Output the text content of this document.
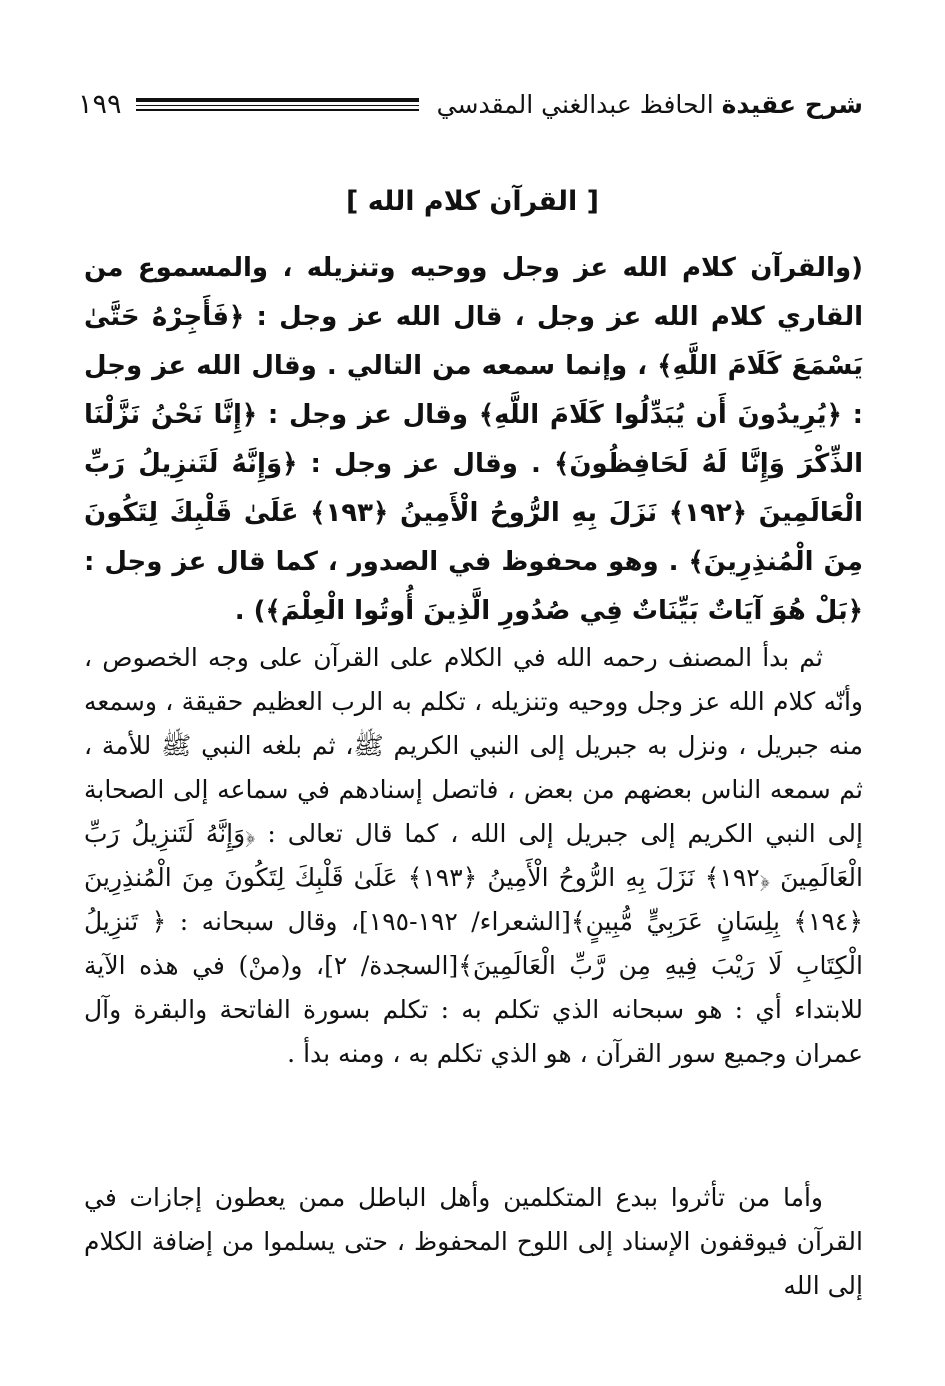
شرح عقيدة الحافظ عبدالغني المقدسي
١٩٩
[ القرآن كلام الله ]
(والقرآن كلام الله عز وجل ووحيه وتنزيله ، والمسموع من القاري كلام الله عز وجل ، قال الله عز وجل : ﴿فَأَجِرْهُ حَتَّىٰ يَسْمَعَ كَلَامَ اللَّهِ﴾ ، وإنما سمعه من التالي . وقال الله عز وجل : ﴿يُرِيدُونَ أَن يُبَدِّلُوا كَلَامَ اللَّهِ﴾ وقال عز وجل : ﴿إِنَّا نَحْنُ نَزَّلْنَا الذِّكْرَ وَإِنَّا لَهُ لَحَافِظُونَ﴾ . وقال عز وجل : ﴿وَإِنَّهُ لَتَنزِيلُ رَبِّ الْعَالَمِينَ ﴿١٩٢﴾ نَزَلَ بِهِ الرُّوحُ الْأَمِينُ ﴿١٩٣﴾ عَلَىٰ قَلْبِكَ لِتَكُونَ مِنَ الْمُنذِرِينَ﴾ . وهو محفوظ في الصدور ، كما قال عز وجل : ﴿بَلْ هُوَ آيَاتٌ بَيِّنَاتٌ فِي صُدُورِ الَّذِينَ أُوتُوا الْعِلْمَ﴾) .
ثم بدأ المصنف رحمه الله في الكلام على القرآن على وجه الخصوص ، وأنّه كلام الله عز وجل ووحيه وتنزيله ، تكلم به الرب العظيم حقيقة ، وسمعه منه جبريل ، ونزل به جبريل إلى النبي الكريم ﷺ، ثم بلغه النبي ﷺ للأمة ، ثم سمعه الناس بعضهم من بعض ، فاتصل إسنادهم في سماعه إلى الصحابة إلى النبي الكريم إلى جبريل إلى الله ، كما قال تعالى : ﴿وَإِنَّهُ لَتَنزِيلُ رَبِّ الْعَالَمِينَ ﴿١٩٢﴾ نَزَلَ بِهِ الرُّوحُ الْأَمِينُ ﴿١٩٣﴾ عَلَىٰ قَلْبِكَ لِتَكُونَ مِنَ الْمُنذِرِينَ ﴿١٩٤﴾ بِلِسَانٍ عَرَبِيٍّ مُّبِينٍ﴾[الشعراء/ ١٩٢-١٩٥]، وقال سبحانه : ﴿ تَنزِيلُ الْكِتَابِ لَا رَيْبَ فِيهِ مِن رَّبِّ الْعَالَمِينَ﴾[السجدة/ ٢]، و(منْ) في هذه الآية للابتداء أي : هو سبحانه الذي تكلم به : تكلم بسورة الفاتحة والبقرة وآل عمران وجميع سور القرآن ، هو الذي تكلم به ، ومنه بدأ .
وأما من تأثروا ببدع المتكلمين وأهل الباطل ممن يعطون إجازات في القرآن فيوقفون الإسناد إلى اللوح المحفوظ ، حتى يسلموا من إضافة الكلام إلى الله
